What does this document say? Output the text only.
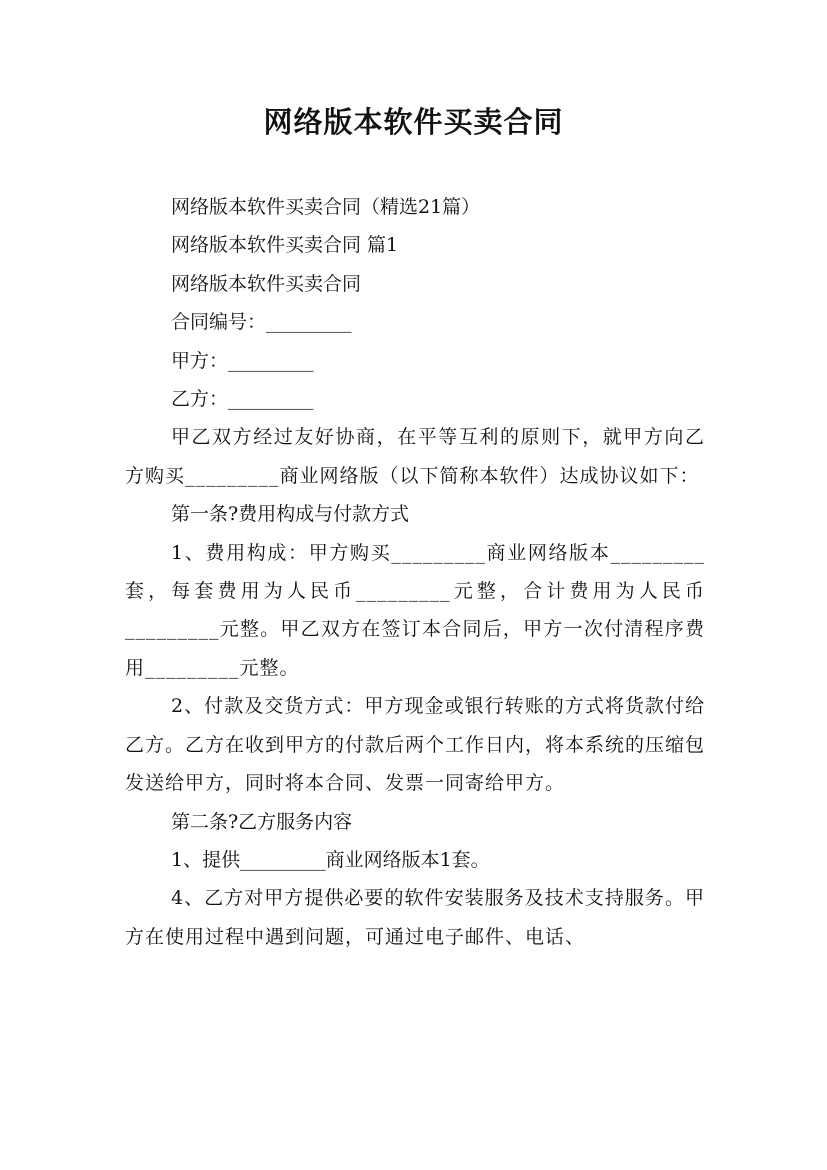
网络版本软件买卖合同

网络版本软件买卖合同（精选21篇）

网络版本软件买卖合同 篇1

网络版本软件买卖合同

合同编号：_________

甲方：_________

乙方：_________

甲乙双方经过友好协商，在平等互利的原则下，就甲方向乙方购买_________商业网络版（以下简称本软件）达成协议如下：

第一条?费用构成与付款方式

1、费用构成：甲方购买_________商业网络版本_________套，每套费用为人民币_________元整，合计费用为人民币_________元整。甲乙双方在签订本合同后，甲方一次付清程序费用_________元整。

2、付款及交货方式：甲方现金或银行转账的方式将货款付给乙方。乙方在收到甲方的付款后两个工作日内，将本系统的压缩包发送给甲方，同时将本合同、发票一同寄给甲方。

第二条?乙方服务内容

1、提供_________商业网络版本1套。

4、乙方对甲方提供必要的软件安装服务及技术支持服务。甲方在使用过程中遇到问题，可通过电子邮件、电话、
